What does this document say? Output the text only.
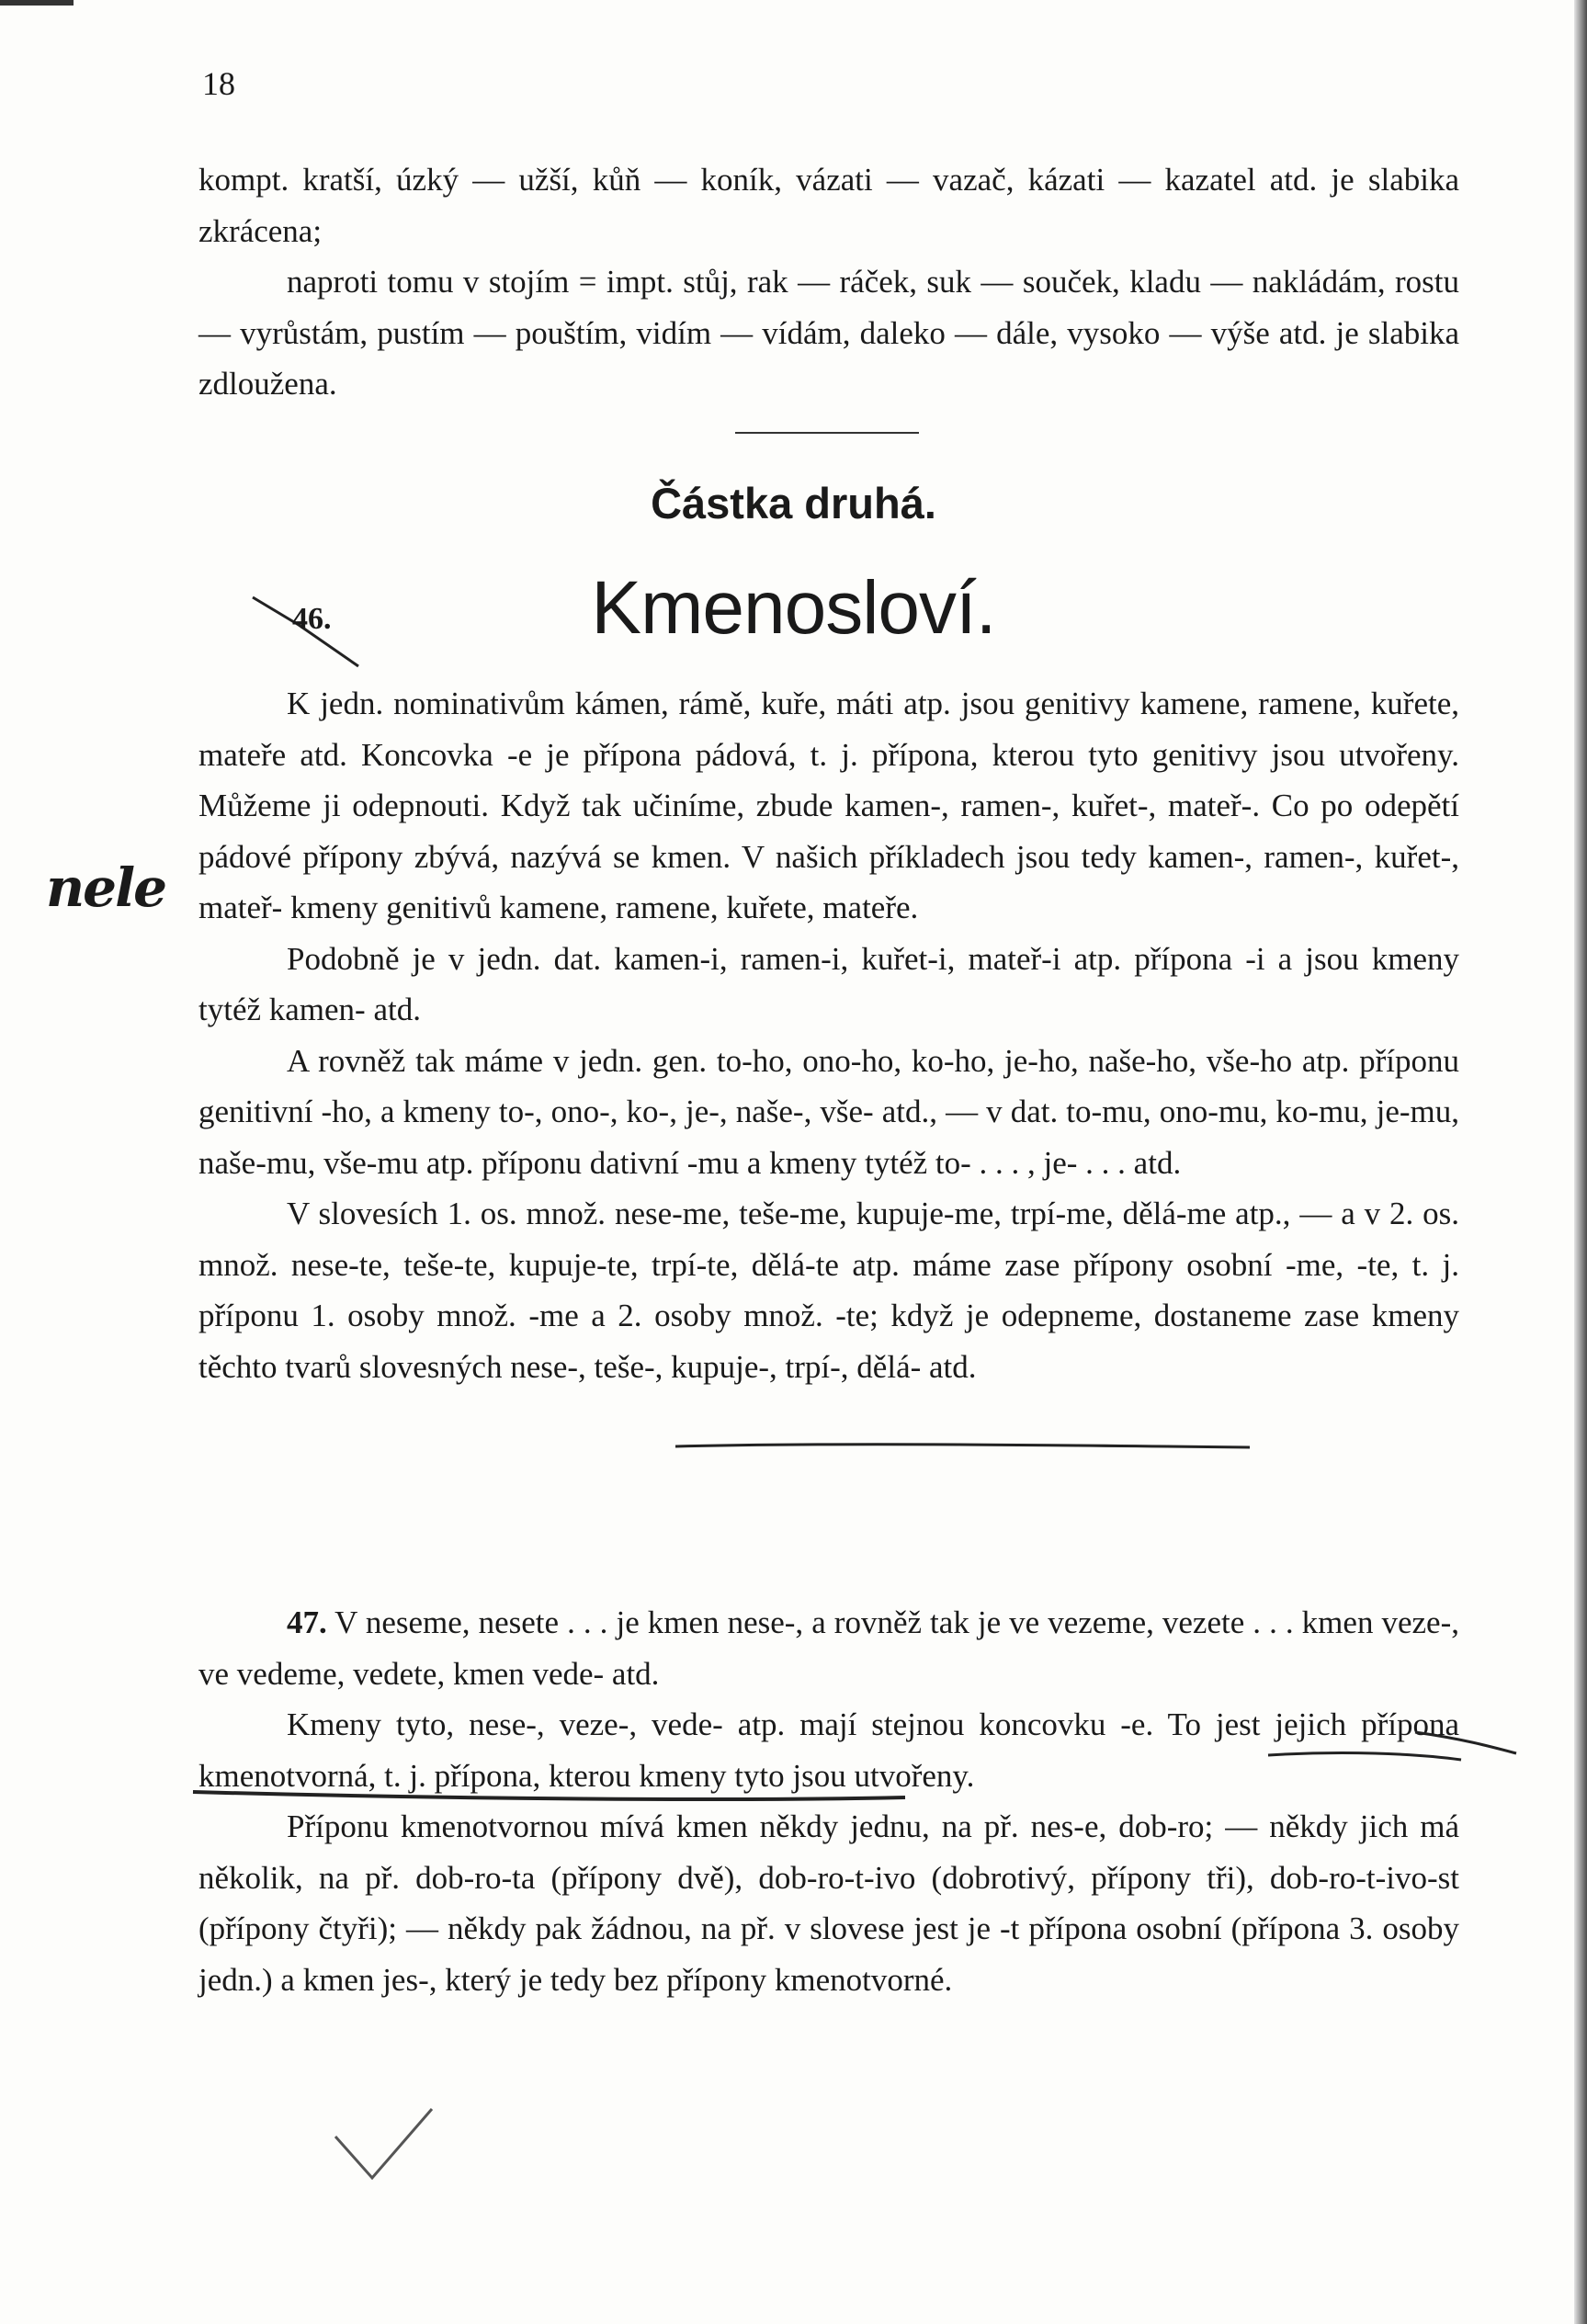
18

kompt. kratší, úzký — užší, kůň — koník, vázati — vazač, kázati — kazatel atd. je slabika zkrácena;

naproti tomu v stojím = impt. stůj, rak — ráček, suk — souček, kladu — nakládám, rostu — vyrůstám, pustím — pouštím, vidím — vídám, daleko — dále, vysoko — výše atd. je slabika zdloužena.

Částka druhá.
46.	Kmenosloví.

K jedn. nominativům kámen, rámě, kuře, máti atp. jsou genitivy kamene, ramene, kuřete, mateře atd. Koncovka -e je přípona pádová, t. j. přípona, kterou tyto genitivy jsou utvořeny. Můžeme ji odepnouti. Když tak učiníme, zbude kamen-, ramen-, kuřet-, mateř-. Co po odepětí pádové přípony zbývá, nazývá se kmen. V našich příkladech jsou tedy kamen-, ramen-, kuřet-, mateř- kmeny genitivů kamene, ramene, kuřete, mateře.

Podobně je v jedn. dat. kamen-i, ramen-i, kuřet-i, mateř-i atp. přípona -i a jsou kmeny tytéž kamen- atd.

A rovněž tak máme v jedn. gen. to-ho, ono-ho, ko-ho, je-ho, naše-ho, vše-ho atp. příponu genitivní -ho, a kmeny to-, ono-, ko-, je-, naše-, vše- atd., — v dat. to-mu, ono-mu, ko-mu, je-mu, naše-mu, vše-mu atp. příponu dativní -mu a kmeny tytéž to- . . . , je- . . . atd.

V slovesích 1. os. množ. nese-me, teše-me, kupuje-me, trpí-me, dělá-me atp., — a v 2. os. množ. nese-te, teše-te, kupuje-te, trpí-te, dělá-te atp. máme zase přípony osobní -me, -te, t. j. příponu 1. osoby množ. -me a 2. osoby množ. -te; když je odepneme, dostaneme zase kmeny těchto tvarů slovesných nese-, teše-, kupuje-, trpí-, dělá- atd.

nele

47. V neseme, nesete . . . je kmen nese-, a rovněž tak je ve vezeme, vezete . . . kmen veze-, ve vedeme, vedete, kmen vede- atd.

Kmeny tyto, nese-, veze-, vede- atp. mají stejnou koncovku -e. To jest jejich přípona kmenotvorná, t. j. přípona, kterou kmeny tyto jsou utvořeny.

Příponu kmenotvornou mívá kmen někdy jednu, na př. nes-e, dob-ro; — někdy jich má několik, na př. dob-ro-ta (přípony dvě), dob-ro-t-ivo (dobrotivý, přípony tři), dob-ro-t-ivo-st (přípony čtyři); — někdy pak žádnou, na př. v slovese jest je -t přípona osobní (přípona 3. osoby jedn.) a kmen jes-, který je tedy bez přípony kmenotvorné.
